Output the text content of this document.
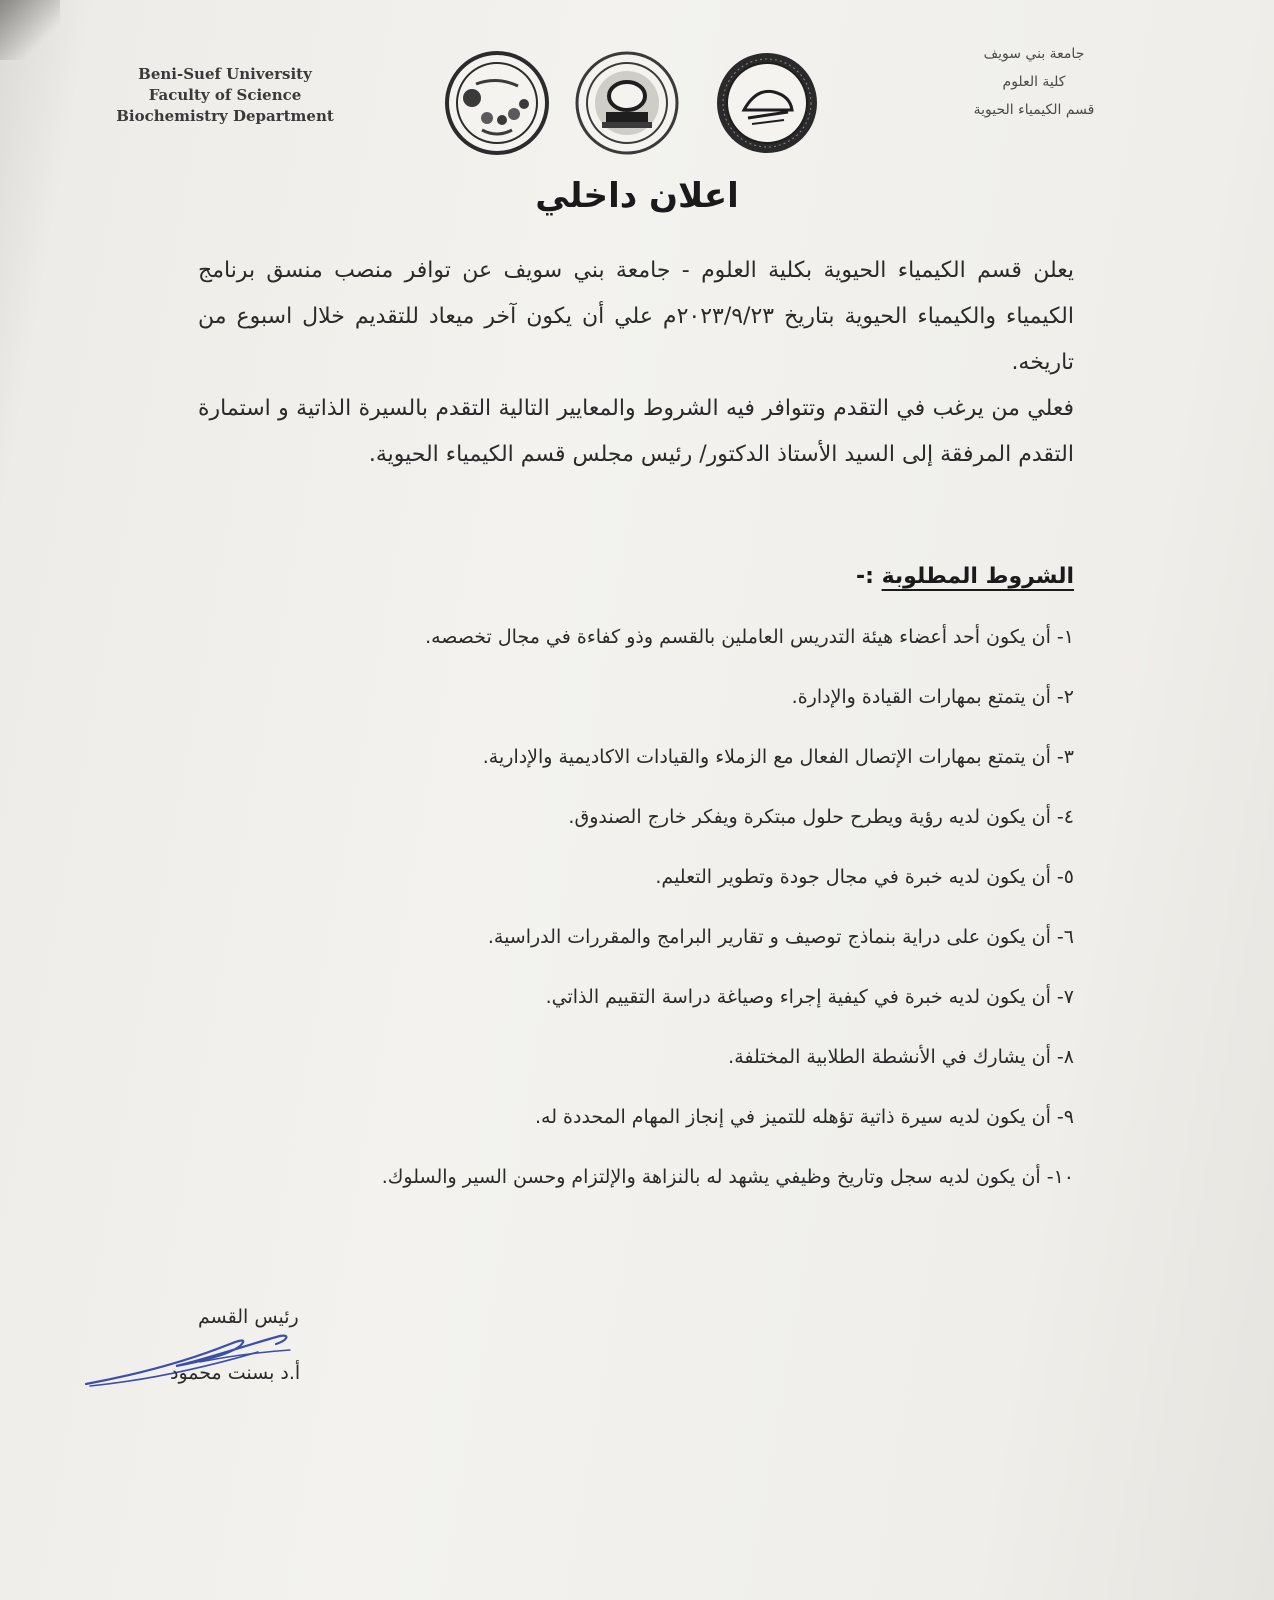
Beni-Suef University
Faculty of Science
Biochemistry Department
جامعة بني سويف
كلية العلوم
قسم الكيمياء الحيوية
اعلان داخلي

يعلن قسم الكيمياء الحيوية بكلية العلوم - جامعة بني سويف عن توافر منصب منسق برنامج الكيمياء والكيمياء الحيوية بتاريخ ٢٠٢٣/٩/٢٣م علي أن يكون آخر ميعاد للتقديم خلال اسبوع من تاريخه.

فعلي من يرغب في التقدم وتتوافر فيه الشروط والمعايير التالية التقدم بالسيرة الذاتية و استمارة التقدم المرفقة إلى السيد الأستاذ الدكتور/ رئيس مجلس قسم الكيمياء الحيوية.

الشروط المطلوبة :-
١- أن يكون أحد أعضاء هيئة التدريس العاملين بالقسم وذو كفاءة في مجال تخصصه.
٢- أن يتمتع بمهارات القيادة والإدارة.
٣- أن يتمتع بمهارات الإتصال الفعال مع الزملاء والقيادات الاكاديمية والإدارية.
٤- أن يكون لديه رؤية ويطرح حلول مبتكرة ويفكر خارج الصندوق.
٥- أن يكون لديه خبرة في مجال جودة وتطوير التعليم.
٦- أن يكون على دراية بنماذج توصيف و تقارير البرامج والمقررات الدراسية.
٧- أن يكون لديه خبرة في كيفية إجراء وصياغة دراسة التقييم الذاتي.
٨- أن يشارك في الأنشطة الطلابية المختلفة.
٩- أن يكون لديه سيرة ذاتية تؤهله للتميز في إنجاز المهام المحددة له.
١٠- أن يكون لديه سجل وتاريخ وظيفي يشهد له بالنزاهة والإلتزام وحسن السير والسلوك.
رئيس القسم
أ.د بسنت محمود
